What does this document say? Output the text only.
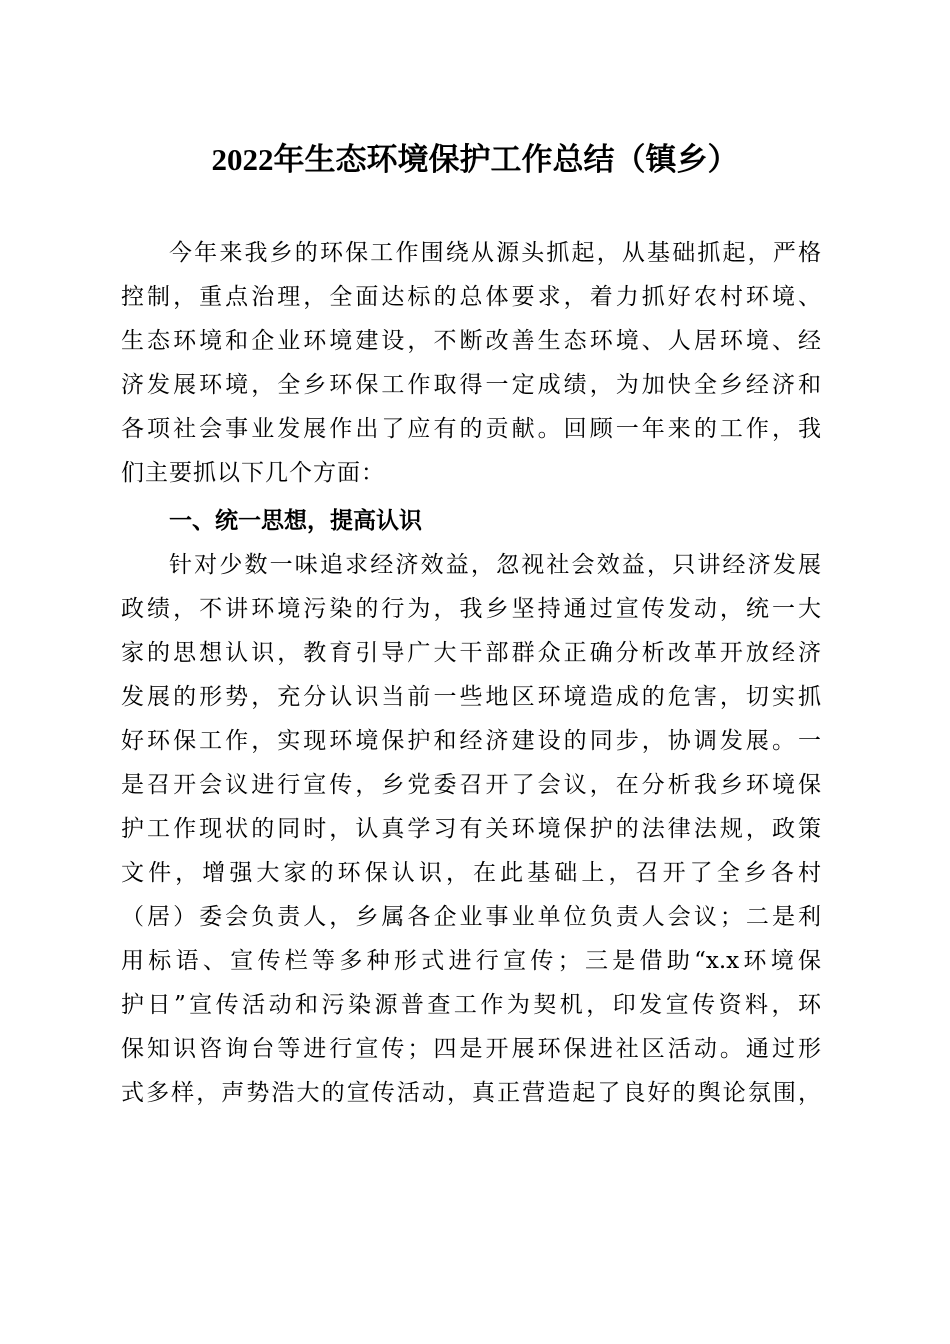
2022年生态环境保护工作总结（镇乡）
今年来我乡的环保工作围绕从源头抓起，从基础抓起，严格
控制，重点治理，全面达标的总体要求，着力抓好农村环境、
生态环境和企业环境建设，不断改善生态环境、人居环境、经
济发展环境，全乡环保工作取得一定成绩，为加快全乡经济和
各项社会事业发展作出了应有的贡献。回顾一年来的工作，我
们主要抓以下几个方面：
一、统一思想，提高认识
针对少数一味追求经济效益，忽视社会效益，只讲经济发展
政绩，不讲环境污染的行为，我乡坚持通过宣传发动，统一大
家的思想认识，教育引导广大干部群众正确分析改革开放经济
发展的形势，充分认识当前一些地区环境造成的危害，切实抓
好环保工作，实现环境保护和经济建设的同步，协调发展。一
是召开会议进行宣传，乡党委召开了会议，在分析我乡环境保
护工作现状的同时，认真学习有关环境保护的法律法规，政策
文件，增强大家的环保认识，在此基础上，召开了全乡各村
（居）委会负责人，乡属各企业事业单位负责人会议；二是利
用标语、宣传栏等多种形式进行宣传；三是借助“x.x环境保
护日”宣传活动和污染源普查工作为契机，印发宣传资料，环
保知识咨询台等进行宣传；四是开展环保进社区活动。通过形
式多样，声势浩大的宣传活动，真正营造起了良好的舆论氛围，
